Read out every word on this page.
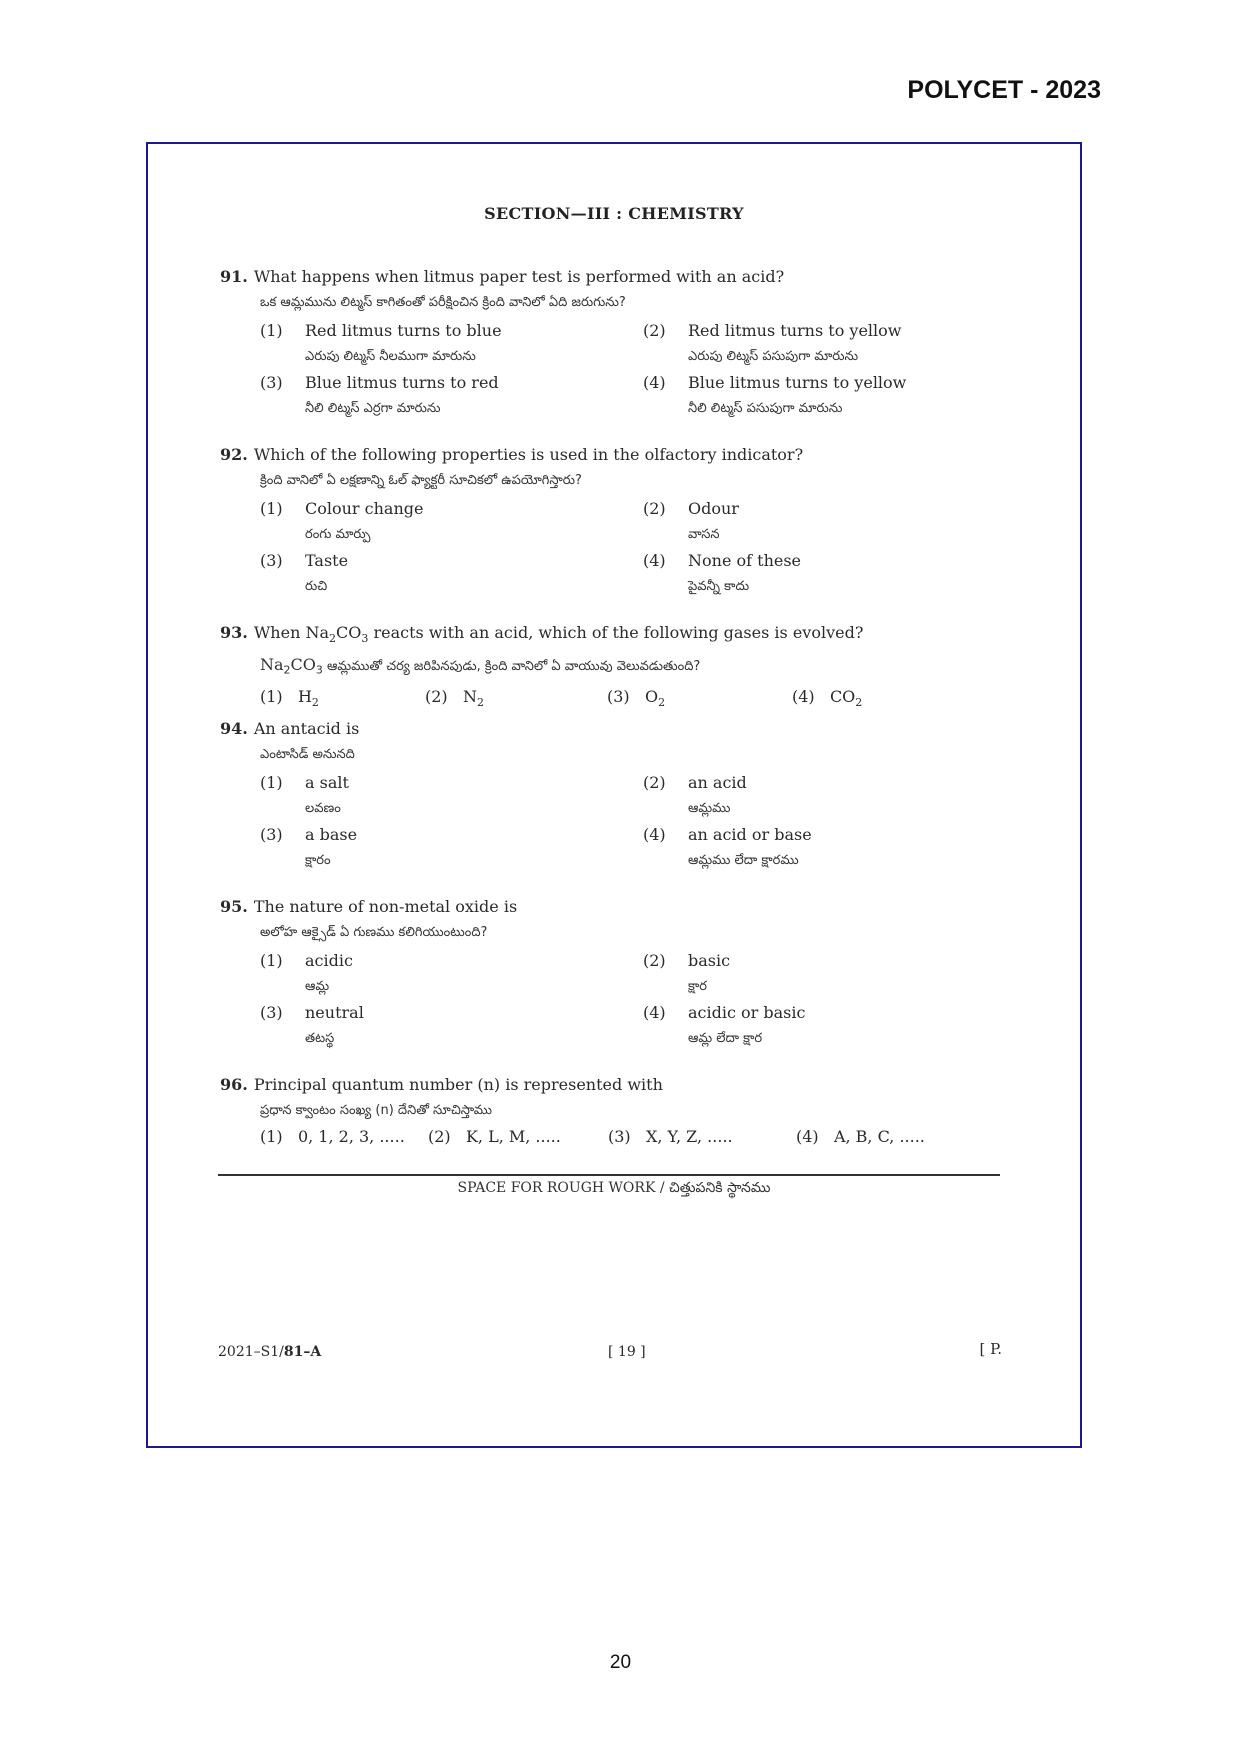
POLYCET - 2023
SECTION—III : CHEMISTRY
91. What happens when litmus paper test is performed with an acid?
ఒక ఆమ్లమును లిట్మస్ కాగితంతో పరీక్షించిన క్రింది వానిలో ఏది జరుగును?
(1) Red litmus turns to blue
ఎరుపు లిట్మస్ నీలముగా మారును
(2) Red litmus turns to yellow
ఎరుపు లిట్మస్ పసుపుగా మారును
(3) Blue litmus turns to red
నీలి లిట్మస్ ఎర్రగా మారును
(4) Blue litmus turns to yellow
నీలి లిట్మస్ పసుపుగా మారును
92. Which of the following properties is used in the olfactory indicator?
క్రింది వానిలో ఏ లక్షణాన్ని ఓల్ ఫ్యాక్టరీ సూచికలో ఉపయోగిస్తారు?
(1) Colour change
రంగు మార్పు
(2) Odour
వాసన
(3) Taste
రుచి
(4) None of these
పైవన్నీ కాదు
93. When $Na_2CO_3$ reacts with an acid, which of the following gases is evolved?
$Na_2CO_3$ ఆమ్లముతో చర్య జరిపినపుడు, క్రింది వానిలో ఏ వాయువు వెలువడుతుంది?
(1) $H_2$	(2) $N_2$	(3) $O_2$	(4) $CO_2$
94. An antacid is
ఎంటాసిడ్ అనునది
(1) a salt
లవణం
(2) an acid
ఆమ్లము
(3) a base
క్షారం
(4) an acid or base
ఆమ్లము లేదా క్షారము
95. The nature of non-metal oxide is
అలోహ ఆక్సైడ్ ఏ గుణము కలిగియుంటుంది?
(1) acidic
ఆమ్ల
(2) basic
క్షార
(3) neutral
తటస్థ
(4) acidic or basic
ఆమ్ల లేదా క్షార
96. Principal quantum number (n) is represented with
ప్రధాన క్వాంటం సంఖ్య (n) దేనితో సూచిస్తాము
(1) 0, 1, 2, 3, ..... (2) K, L, M, .....	(3) X, Y, Z, .....	(4) A, B, C, .....
SPACE FOR ROUGH WORK / చిత్తుపనికి స్థానము
2021–S1/81–A	[ 19 ]	[ P.
20
